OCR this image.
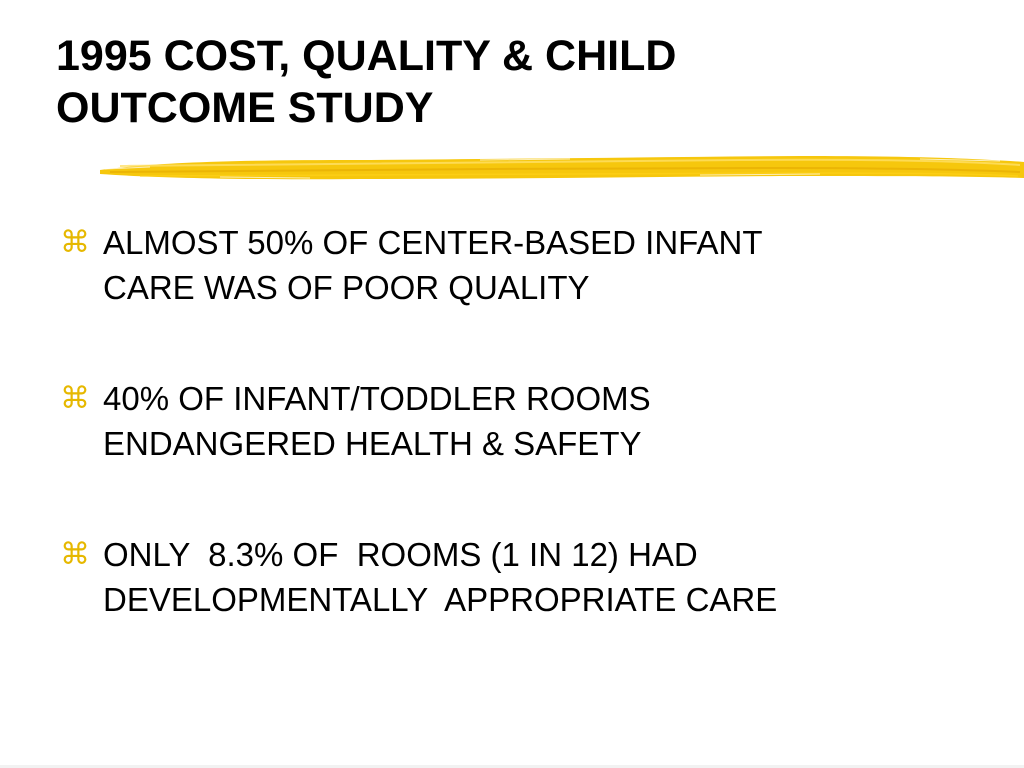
1995 COST, QUALITY & CHILD
OUTCOME STUDY
⌘ ALMOST 50% OF CENTER-BASED INFANT
CARE WAS OF POOR QUALITY
⌘ 40% OF INFANT/TODDLER ROOMS
ENDANGERED HEALTH & SAFETY
⌘ ONLY  8.3% OF  ROOMS (1 IN 12) HAD
DEVELOPMENTALLY  APPROPRIATE CARE
